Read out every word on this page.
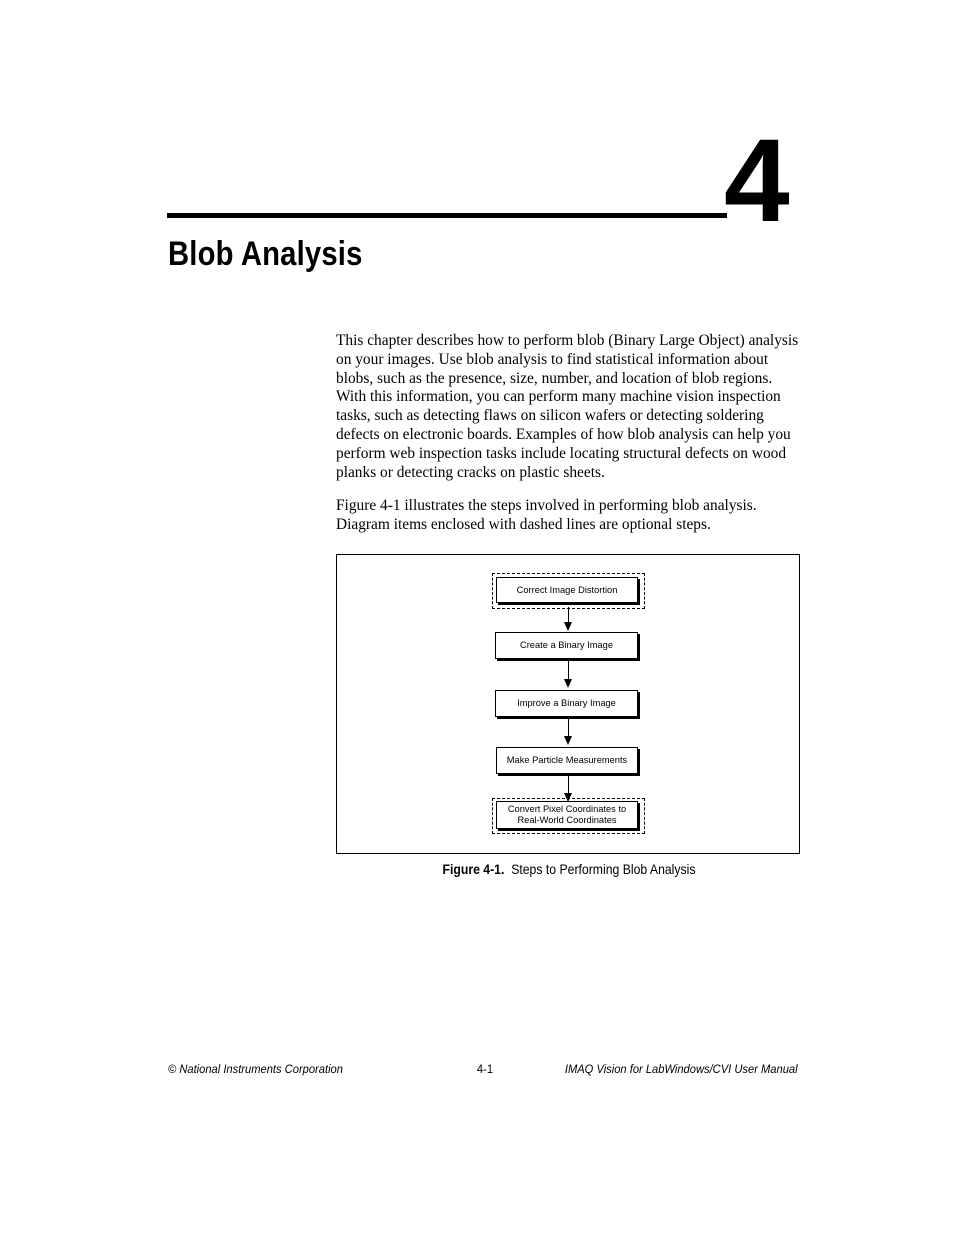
4
Blob Analysis

This chapter describes how to perform blob (Binary Large Object) analysis on your images. Use blob analysis to find statistical information about blobs, such as the presence, size, number, and location of blob regions. With this information, you can perform many machine vision inspection tasks, such as detecting flaws on silicon wafers or detecting soldering defects on electronic boards. Examples of how blob analysis can help you perform web inspection tasks include locating structural defects on wood planks or detecting cracks on plastic sheets.

Figure 4-1 illustrates the steps involved in performing blob analysis. Diagram items enclosed with dashed lines are optional steps.

Correct Image Distortion
Create a Binary Image
Improve a Binary Image
Make Particle Measurements
Convert Pixel Coordinates to
Real-World Coordinates
Figure 4-1. Steps to Performing Blob Analysis
© National Instruments Corporation	4-1	IMAQ Vision for LabWindows/CVI User Manual
